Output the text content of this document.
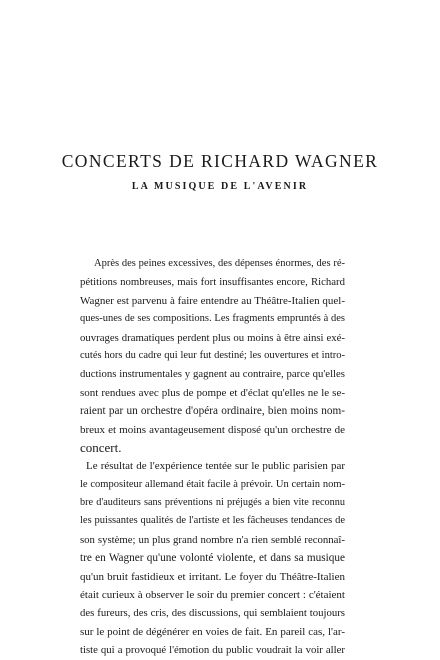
CONCERTS DE RICHARD WAGNER
LA MUSIQUE DE L'AVENIR
Après des peines excessives, des dépenses énormes, des ré-
pétitions nombreuses, mais fort insuffisantes encore, Richard
Wagner est parvenu à faire entendre au Théâtre-Italien quel-
ques-unes de ses compositions. Les fragments empruntés à des
ouvrages dramatiques perdent plus ou moins à être ainsi exé-
cutés hors du cadre qui leur fut destiné; les ouvertures et intro-
ductions instrumentales y gagnent au contraire, parce qu'elles
sont rendues avec plus de pompe et d'éclat qu'elles ne le se-
raient par un orchestre d'opéra ordinaire, bien moins nom-
breux et moins avantageusement disposé qu'un orchestre de
concert.
Le résultat de l'expérience tentée sur le public parisien par
le compositeur allemand était facile à prévoir. Un certain nom-
bre d'auditeurs sans préventions ni préjugés a bien vite reconnu
les puissantes qualités de l'artiste et les fâcheuses tendances de
son système; un plus grand nombre n'a rien semblé reconnaî-
tre en Wagner qu'une volonté violente, et dans sa musique
qu'un bruit fastidieux et irritant. Le foyer du Théâtre-Italien
était curieux à observer le soir du premier concert : c'étaient
des fureurs, des cris, des discussions, qui semblaient toujours
sur le point de dégénérer en voies de fait. En pareil cas, l'ar-
tiste qui a provoqué l'émotion du public voudrait la voir aller
